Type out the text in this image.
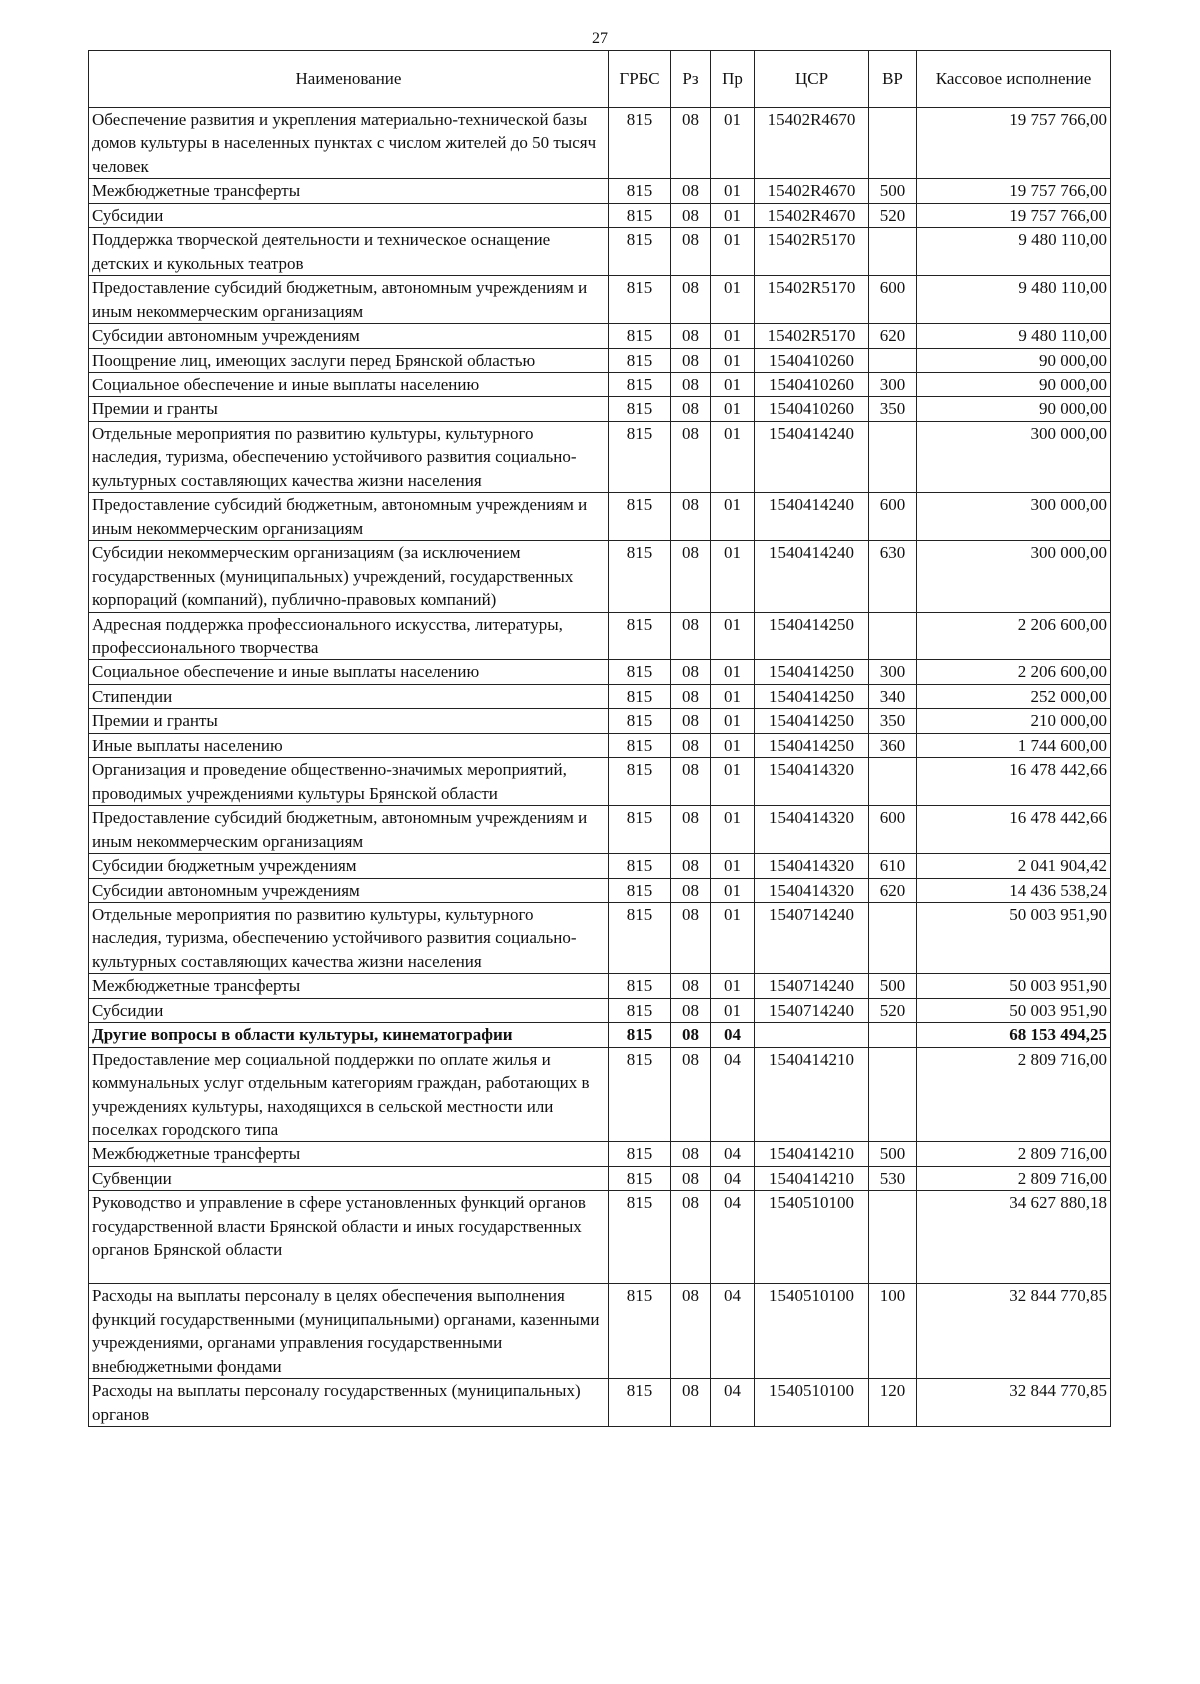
27
Наименование	ГРБС	Рз	Пр	ЦСР	ВР	Кассовое исполнение
Обеспечение развития и укрепления материально-технической базы домов культуры в населенных пунктах с числом жителей до 50 тысяч человек	815	08	01	15402R4670		19 757 766,00
Межбюджетные трансферты	815	08	01	15402R4670	500	19 757 766,00
Субсидии	815	08	01	15402R4670	520	19 757 766,00
Поддержка творческой деятельности и техническое оснащение детских и кукольных театров	815	08	01	15402R5170		9 480 110,00
Предоставление субсидий бюджетным, автономным учреждениям и иным некоммерческим организациям	815	08	01	15402R5170	600	9 480 110,00
Субсидии автономным учреждениям	815	08	01	15402R5170	620	9 480 110,00
Поощрение лиц, имеющих заслуги перед Брянской областью	815	08	01	1540410260		90 000,00
Социальное обеспечение и иные выплаты населению	815	08	01	1540410260	300	90 000,00
Премии и гранты	815	08	01	1540410260	350	90 000,00
Отдельные мероприятия по развитию культуры, культурного наследия, туризма, обеспечению устойчивого развития социально-культурных составляющих качества жизни населения	815	08	01	1540414240		300 000,00
Предоставление субсидий бюджетным, автономным учреждениям и иным некоммерческим организациям	815	08	01	1540414240	600	300 000,00
Субсидии некоммерческим организациям (за исключением государственных (муниципальных) учреждений, государственных корпораций (компаний), публично-правовых компаний)	815	08	01	1540414240	630	300 000,00
Адресная поддержка профессионального искусства, литературы, профессионального творчества	815	08	01	1540414250		2 206 600,00
Социальное обеспечение и иные выплаты населению	815	08	01	1540414250	300	2 206 600,00
Стипендии	815	08	01	1540414250	340	252 000,00
Премии и гранты	815	08	01	1540414250	350	210 000,00
Иные выплаты населению	815	08	01	1540414250	360	1 744 600,00
Организация и проведение общественно-значимых мероприятий, проводимых учреждениями культуры Брянской области	815	08	01	1540414320		16 478 442,66
Предоставление субсидий бюджетным, автономным учреждениям и иным некоммерческим организациям	815	08	01	1540414320	600	16 478 442,66
Субсидии бюджетным учреждениям	815	08	01	1540414320	610	2 041 904,42
Субсидии автономным учреждениям	815	08	01	1540414320	620	14 436 538,24
Отдельные мероприятия по развитию культуры, культурного наследия, туризма, обеспечению устойчивого развития социально-культурных составляющих качества жизни населения	815	08	01	1540714240		50 003 951,90
Межбюджетные трансферты	815	08	01	1540714240	500	50 003 951,90
Субсидии	815	08	01	1540714240	520	50 003 951,90
Другие вопросы в области культуры, кинематографии	815	08	04			68 153 494,25
Предоставление мер социальной поддержки по оплате жилья и коммунальных услуг отдельным категориям граждан, работающих в учреждениях культуры, находящихся в сельской местности или поселках городского типа	815	08	04	1540414210		2 809 716,00
Межбюджетные трансферты	815	08	04	1540414210	500	2 809 716,00
Субвенции	815	08	04	1540414210	530	2 809 716,00
Руководство и управление в сфере установленных функций органов государственной власти Брянской области и иных государственных органов Брянской области	815	08	04	1540510100		34 627 880,18
Расходы на выплаты персоналу в целях обеспечения выполнения функций государственными (муниципальными) органами, казенными учреждениями, органами управления государственными внебюджетными фондами	815	08	04	1540510100	100	32 844 770,85
Расходы на выплаты персоналу государственных (муниципальных) органов	815	08	04	1540510100	120	32 844 770,85
